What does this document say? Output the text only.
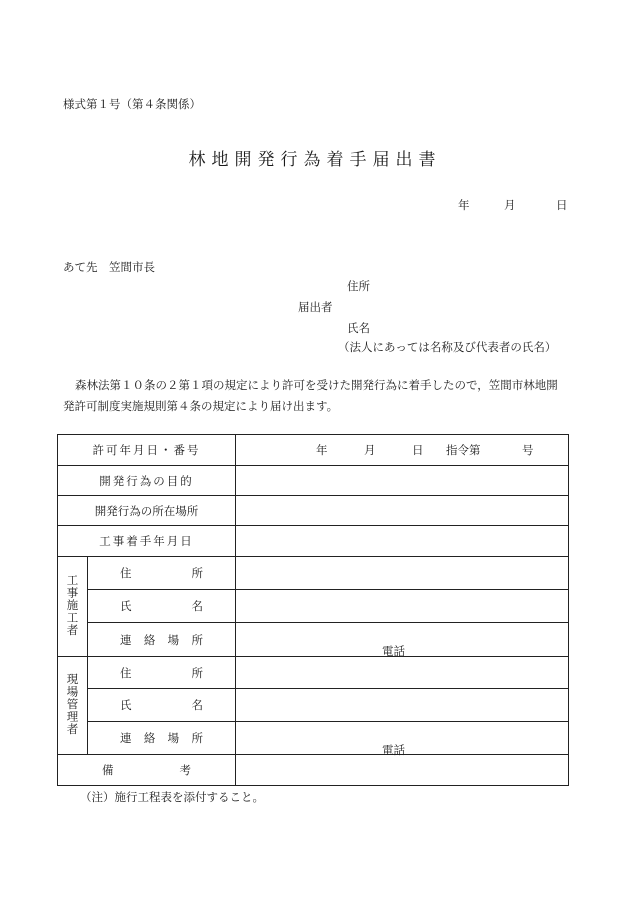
様式第１号（第４条関係）
林地開発行為着手届出書
年	月	日
あて先　笠間市長
住所
届出者
氏名
（法人にあっては名称及び代表者の氏名）
森林法第１０条の２第１項の規定により許可を受けた開発行為に着手したので，笠間市林地開発許可制度実施規則第４条の規定により届け出ます。
許可年月日・番号		年 月 日 指令第 号
開発行為の目的		
開発行為の所在場所		
工事着手年月日		
工事施工者	住所	
	氏名	
	連絡場所	電話

現場管理者	住所	
	氏名	
	連絡場所	電話

備考		
（注）施行工程表を添付すること。
